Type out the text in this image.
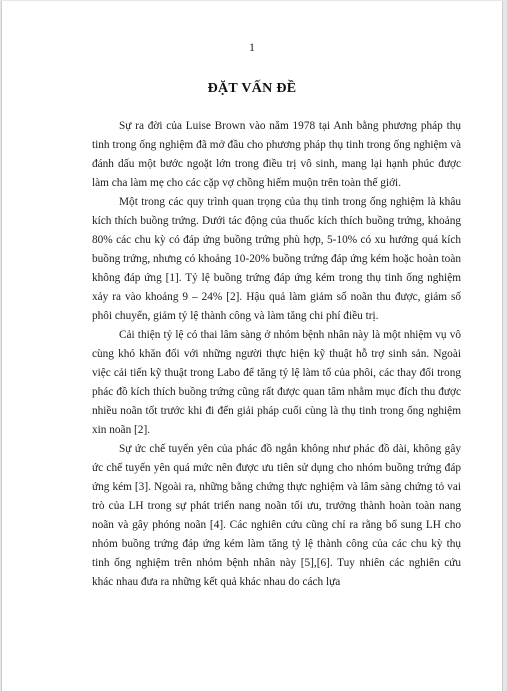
1
ĐẶT VẤN ĐỀ

Sự ra đời của Luise Brown vào năm 1978 tại Anh bằng phương pháp thụ tinh trong ống nghiệm đã mở đầu cho phương pháp thụ tinh trong ống nghiệm và đánh dấu một bước ngoặt lớn trong điều trị vô sinh, mang lại hạnh phúc được làm cha làm mẹ cho các cặp vợ chồng hiếm muộn trên toàn thế giới.

Một trong các quy trình quan trọng của thụ tinh trong ống nghiệm là khâu kích thích buồng trứng. Dưới tác động của thuốc kích thích buồng trứng, khoảng 80% các chu kỳ có đáp ứng buồng trứng phù hợp, 5-10% có xu hướng quá kích buồng trứng, nhưng có khoảng 10-20% buồng trứng đáp ứng kém hoặc hoàn toàn không đáp ứng [1]. Tỷ lệ buồng trứng đáp ứng kém trong thụ tinh ống nghiệm xảy ra vào khoảng 9 – 24% [2]. Hậu quả làm giảm số noãn thu được, giảm số phôi chuyển, giảm tỷ lệ thành công và làm tăng chi phí điều trị.

Cải thiện tỷ lệ có thai lâm sàng ở nhóm bệnh nhân này là một nhiệm vụ vô cùng khó khăn đối với những người thực hiện kỹ thuật hỗ trợ sinh sản. Ngoài việc cải tiến kỹ thuật trong Labo để tăng tỷ lệ làm tổ của phôi, các thay đổi trong phác đồ kích thích buồng trứng cũng rất được quan tâm nhằm mục đích thu được nhiều noãn tốt trước khi đi đến giải pháp cuối cùng là thụ tinh trong ống nghiệm xin noãn [2].

Sự ức chế tuyến yên của phác đồ ngắn không như phác đồ dài, không gây ức chế tuyến yên quá mức nên được ưu tiên sử dụng cho nhóm buồng trứng đáp ứng kém [3]. Ngoài ra, những bằng chứng thực nghiệm và lâm sàng chứng tỏ vai trò của LH trong sự phát triển nang noãn tối ưu, trưởng thành hoàn toàn nang noãn và gây phóng noãn [4]. Các nghiên cứu cũng chỉ ra rằng bổ sung LH cho nhóm buồng trứng đáp ứng kém làm tăng tỷ lệ thành công của các chu kỳ thụ tinh ống nghiệm trên nhóm bệnh nhân này [5],[6]. Tuy nhiên các nghiên cứu khác nhau đưa ra những kết quả khác nhau do cách lựa
